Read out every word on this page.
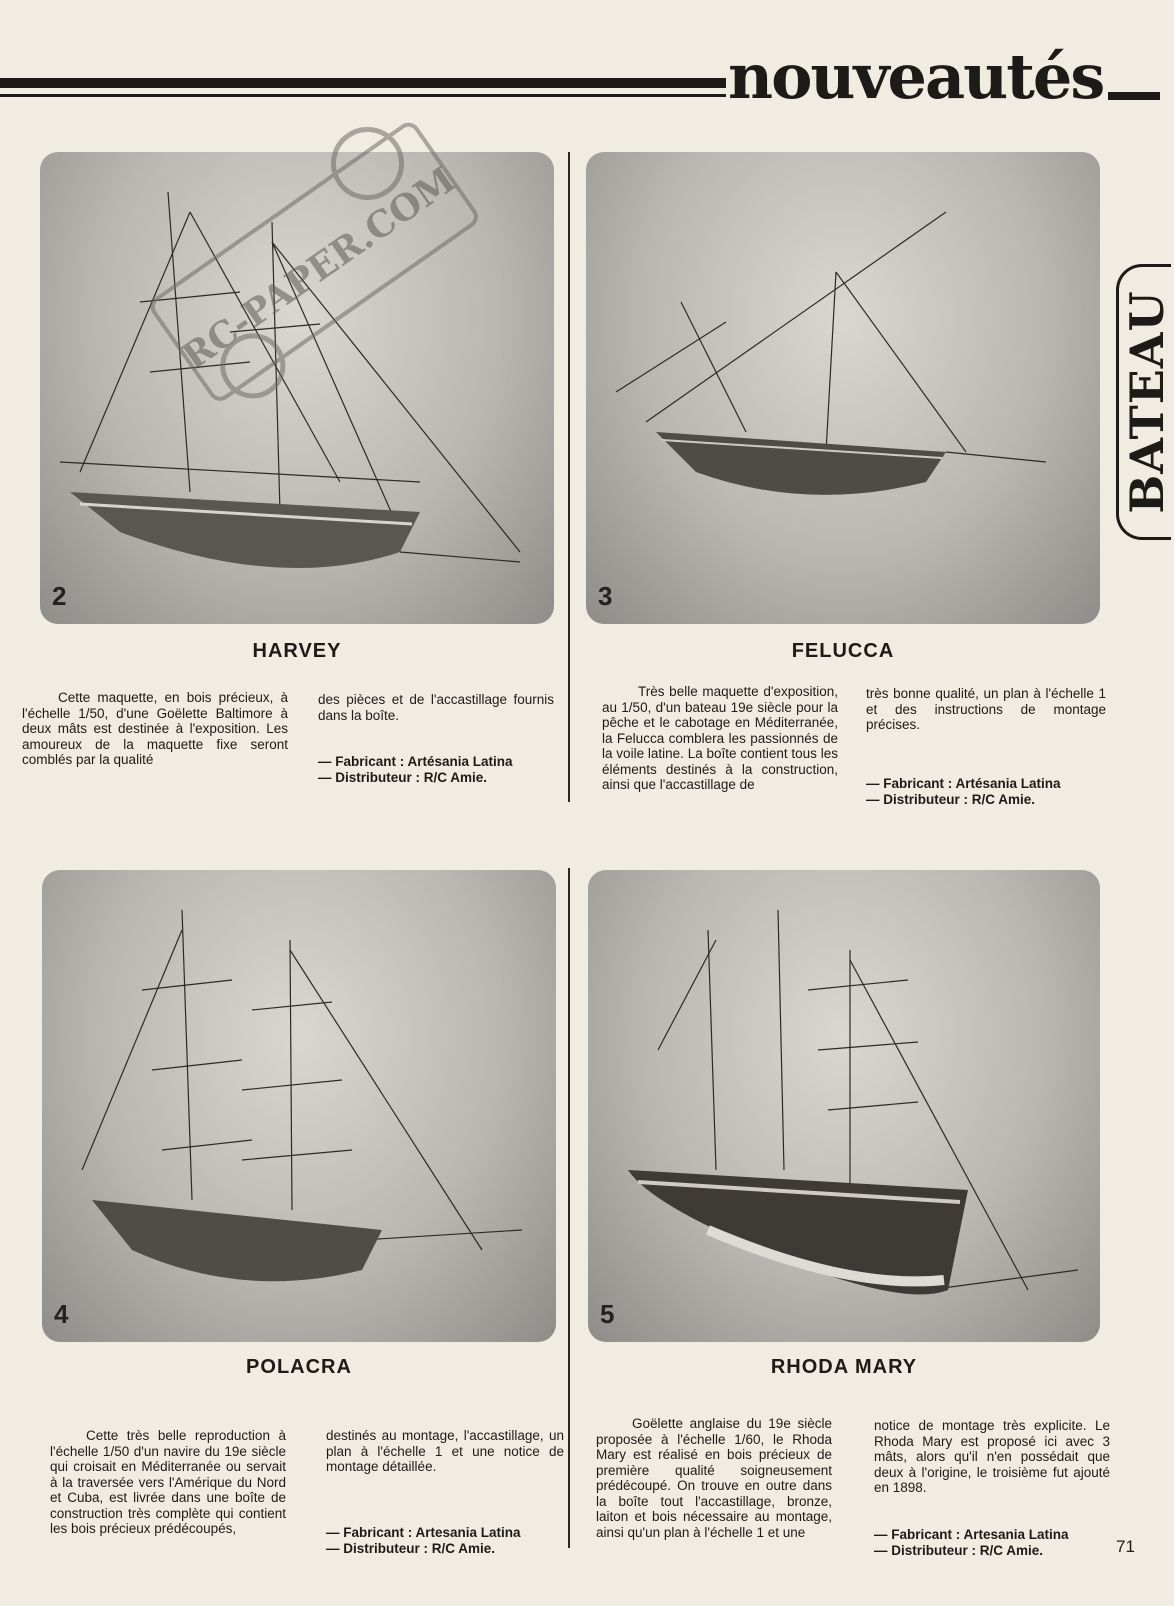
nouveautés
BATEAU
2
HARVEY

Cette maquette, en bois précieux, à l'échelle 1/50, d'une Goëlette Baltimore à deux mâts est destinée à l'exposition. Les amoureux de la maquette fixe seront comblés par la qualité

des pièces et de l'accastillage fournis dans la boîte.

— Fabricant : Artésania Latina
— Distributeur : R/C Amie.
RC-PAPER.COM
3
FELUCCA

Très belle maquette d'exposition, au 1/50, d'un bateau 19e siècle pour la pêche et le cabotage en Méditerranée, la Felucca comblera les passionnés de la voile latine. La boîte contient tous les éléments destinés à la construction, ainsi que l'accastillage de

très bonne qualité, un plan à l'échelle 1 et des instructions de montage précises.

— Fabricant : Artésania Latina
— Distributeur : R/C Amie.
4
POLACRA

Cette très belle reproduction à l'échelle 1/50 d'un navire du 19e siècle qui croisait en Méditerranée ou servait à la traversée vers l'Amérique du Nord et Cuba, est livrée dans une boîte de construction très complète qui contient les bois précieux prédécoupés,

destinés au montage, l'accastillage, un plan à l'échelle 1 et une notice de montage détaillée.

— Fabricant : Artesania Latina
— Distributeur : R/C Amie.
5
RHODA MARY

Goëlette anglaise du 19e siècle proposée à l'échelle 1/60, le Rhoda Mary est réalisé en bois précieux de première qualité soigneusement prédécoupé. On trouve en outre dans la boîte tout l'accastillage, bronze, laiton et bois nécessaire au montage, ainsi qu'un plan à l'échelle 1 et une

notice de montage très explicite. Le Rhoda Mary est proposé ici avec 3 mâts, alors qu'il n'en possédait que deux à l'origine, le troisième fut ajouté en 1898.

— Fabricant : Artesania Latina
— Distributeur : R/C Amie.	71
